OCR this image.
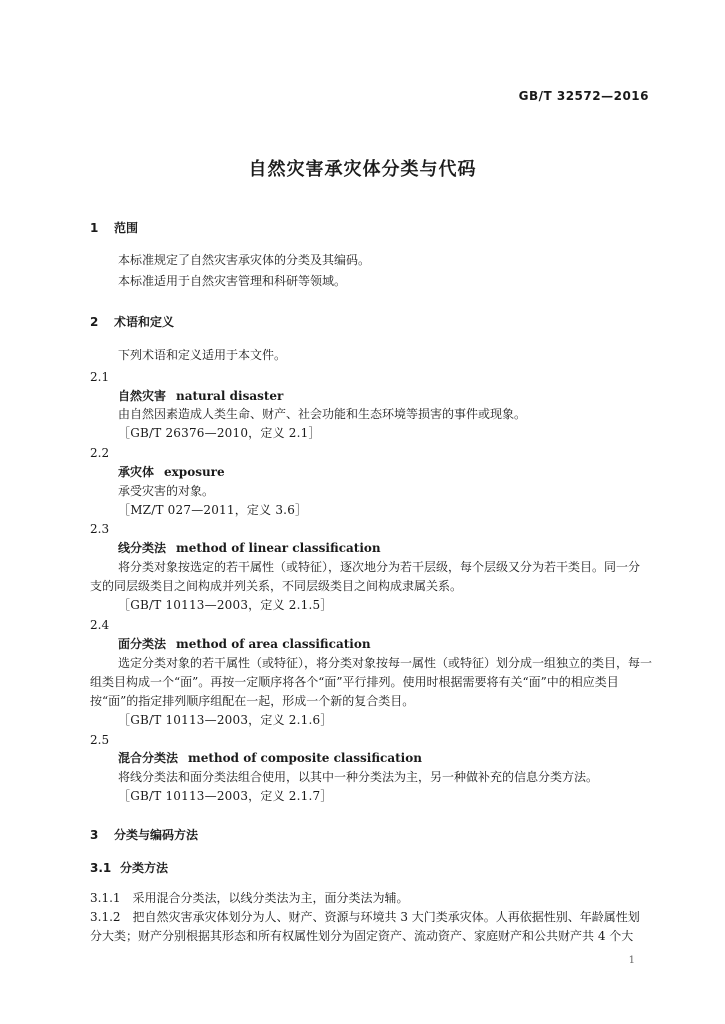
GB/T 32572—2016
自然灾害承灾体分类与代码
1 范围
本标准规定了自然灾害承灾体的分类及其编码。
本标准适用于自然灾害管理和科研等领域。
2 术语和定义
下列术语和定义适用于本文件。
2.1
自然灾害 natural disaster
由自然因素造成人类生命、财产、社会功能和生态环境等损害的事件或现象。
［GB/T 26376—2010，定义 2.1］
2.2
承灾体 exposure
承受灾害的对象。
［MZ/T 027—2011，定义 3.6］
2.3
线分类法 method of linear classification
将分类对象按选定的若干属性（或特征），逐次地分为若干层级，每个层级又分为若干类目。同一分
支的同层级类目之间构成并列关系，不同层级类目之间构成隶属关系。
［GB/T 10113—2003，定义 2.1.5］
2.4
面分类法 method of area classification
选定分类对象的若干属性（或特征），将分类对象按每一属性（或特征）划分成一组独立的类目，每一
组类目构成一个“面”。再按一定顺序将各个“面”平行排列。使用时根据需要将有关“面”中的相应类目
按“面”的指定排列顺序组配在一起，形成一个新的复合类目。
［GB/T 10113—2003，定义 2.1.6］
2.5
混合分类法 method of composite classification
将线分类法和面分类法组合使用，以其中一种分类法为主，另一种做补充的信息分类方法。
［GB/T 10113—2003，定义 2.1.7］
3 分类与编码方法
3.1 分类方法
3.1.1　采用混合分类法，以线分类法为主，面分类法为辅。
3.1.2　把自然灾害承灾体划分为人、财产、资源与环境共 3 大门类承灾体。人再依据性别、年龄属性划
分大类；财产分别根据其形态和所有权属性划分为固定资产、流动资产、家庭财产和公共财产共 4 个大
1
